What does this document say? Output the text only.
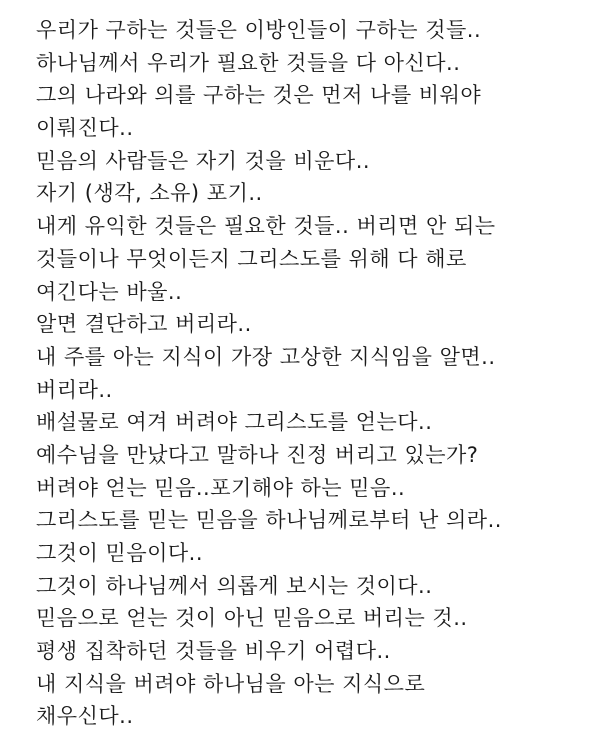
우리가 구하는 것들은 이방인들이 구하는 것들..
하나님께서 우리가 필요한 것들을 다 아신다..
그의 나라와 의를 구하는 것은 먼저 나를 비워야
이뤄진다..
믿음의 사람들은 자기 것을 비운다..
자기 (생각, 소유) 포기..
내게 유익한 것들은 필요한 것들.. 버리면 안 되는
것들이나 무엇이든지 그리스도를 위해 다 해로
여긴다는 바울..
알면 결단하고 버리라..
내 주를 아는 지식이 가장 고상한 지식임을 알면..
버리라..
배설물로 여겨 버려야 그리스도를 얻는다..
예수님을 만났다고 말하나 진정 버리고 있는가?
버려야 얻는 믿음..포기해야 하는 믿음..
그리스도를 믿는 믿음을 하나님께로부터 난 의라..
그것이 믿음이다..
그것이 하나님께서 의롭게 보시는 것이다..
믿음으로 얻는 것이 아닌 믿음으로 버리는 것..
평생 집착하던 것들을 비우기 어렵다..
내 지식을 버려야 하나님을 아는 지식으로
채우신다..
